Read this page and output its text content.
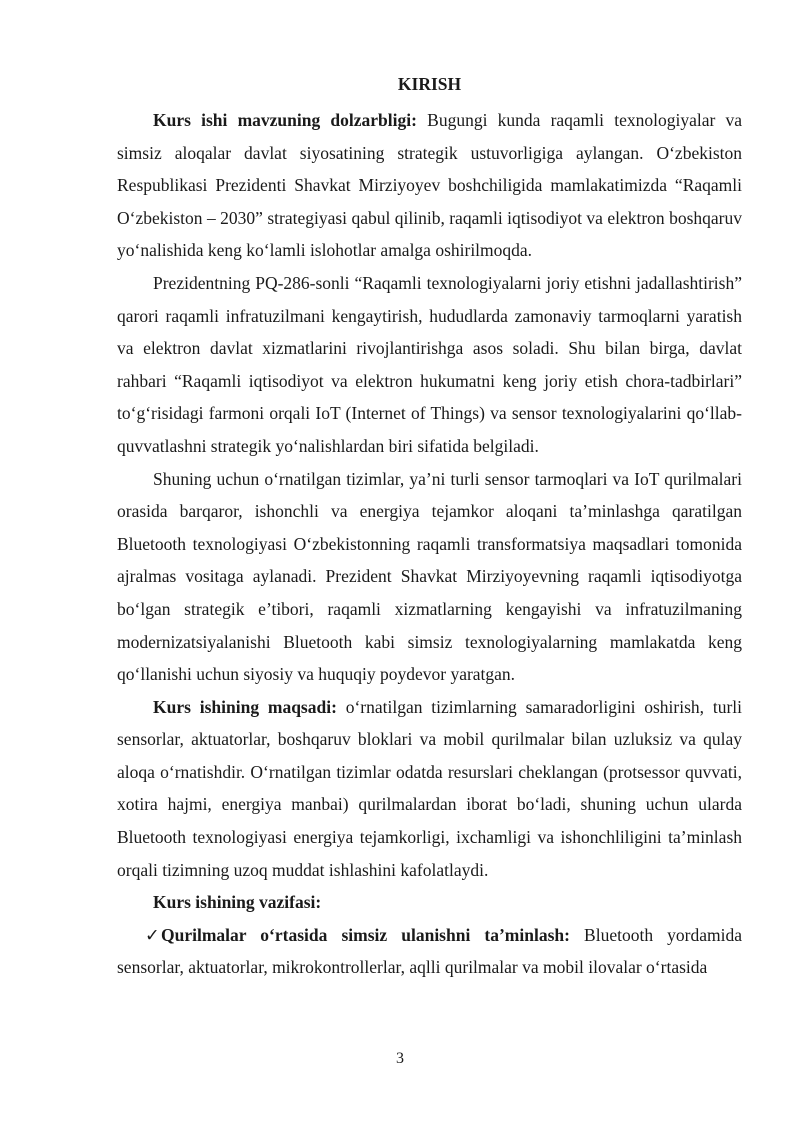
KIRISH

Kurs ishi mavzuning dolzarbligi: Bugungi kunda raqamli texnologiyalar va simsiz aloqalar davlat siyosatining strategik ustuvorligiga aylangan. O‘zbekiston Respublikasi Prezidenti Shavkat Mirziyoyev boshchiligida mamlakatimizda “Raqamli O‘zbekiston – 2030” strategiyasi qabul qilinib, raqamli iqtisodiyot va elektron boshqaruv yo‘nalishida keng ko‘lamli islohotlar amalga oshirilmoqda.

Prezidentning PQ-286-sonli “Raqamli texnologiyalarni joriy etishni jadallashtirish” qarori raqamli infratuzilmani kengaytirish, hududlarda zamonaviy tarmoqlarni yaratish va elektron davlat xizmatlarini rivojlantirishga asos soladi. Shu bilan birga, davlat rahbari “Raqamli iqtisodiyot va elektron hukumatni keng joriy etish chora-tadbirlari” to‘g‘risidagi farmoni orqali IoT (Internet of Things) va sensor texnologiyalarini qo‘llab-quvvatlashni strategik yo‘nalishlardan biri sifatida belgiladi.

Shuning uchun o‘rnatilgan tizimlar, ya’ni turli sensor tarmoqlari va IoT qurilmalari orasida barqaror, ishonchli va energiya tejamkor aloqani ta’minlashga qaratilgan Bluetooth texnologiyasi O‘zbekistonning raqamli transformatsiya maqsadlari tomonida ajralmas vositaga aylanadi. Prezident Shavkat Mirziyoyevning raqamli iqtisodiyotga bo‘lgan strategik e’tibori, raqamli xizmatlarning kengayishi va infratuzilmaning modernizatsiyalanishi Bluetooth kabi simsiz texnologiyalarning mamlakatda keng qo‘llanishi uchun siyosiy va huquqiy poydevor yaratgan.

Kurs ishining maqsadi: o‘rnatilgan tizimlarning samaradorligini oshirish, turli sensorlar, aktuatorlar, boshqaruv bloklari va mobil qurilmalar bilan uzluksiz va qulay aloqa o‘rnatishdir. O‘rnatilgan tizimlar odatda resurslari cheklangan (protsessor quvvati, xotira hajmi, energiya manbai) qurilmalardan iborat bo‘ladi, shuning uchun ularda Bluetooth texnologiyasi energiya tejamkorligi, ixchamligi va ishonchliligini ta’minlash orqali tizimning uzoq muddat ishlashini kafolatlaydi.

Kurs ishining vazifasi:

✓Qurilmalar o‘rtasida simsiz ulanishni ta’minlash: Bluetooth yordamida sensorlar, aktuatorlar, mikrokontrollerlar, aqlli qurilmalar va mobil ilovalar o‘rtasida

3
